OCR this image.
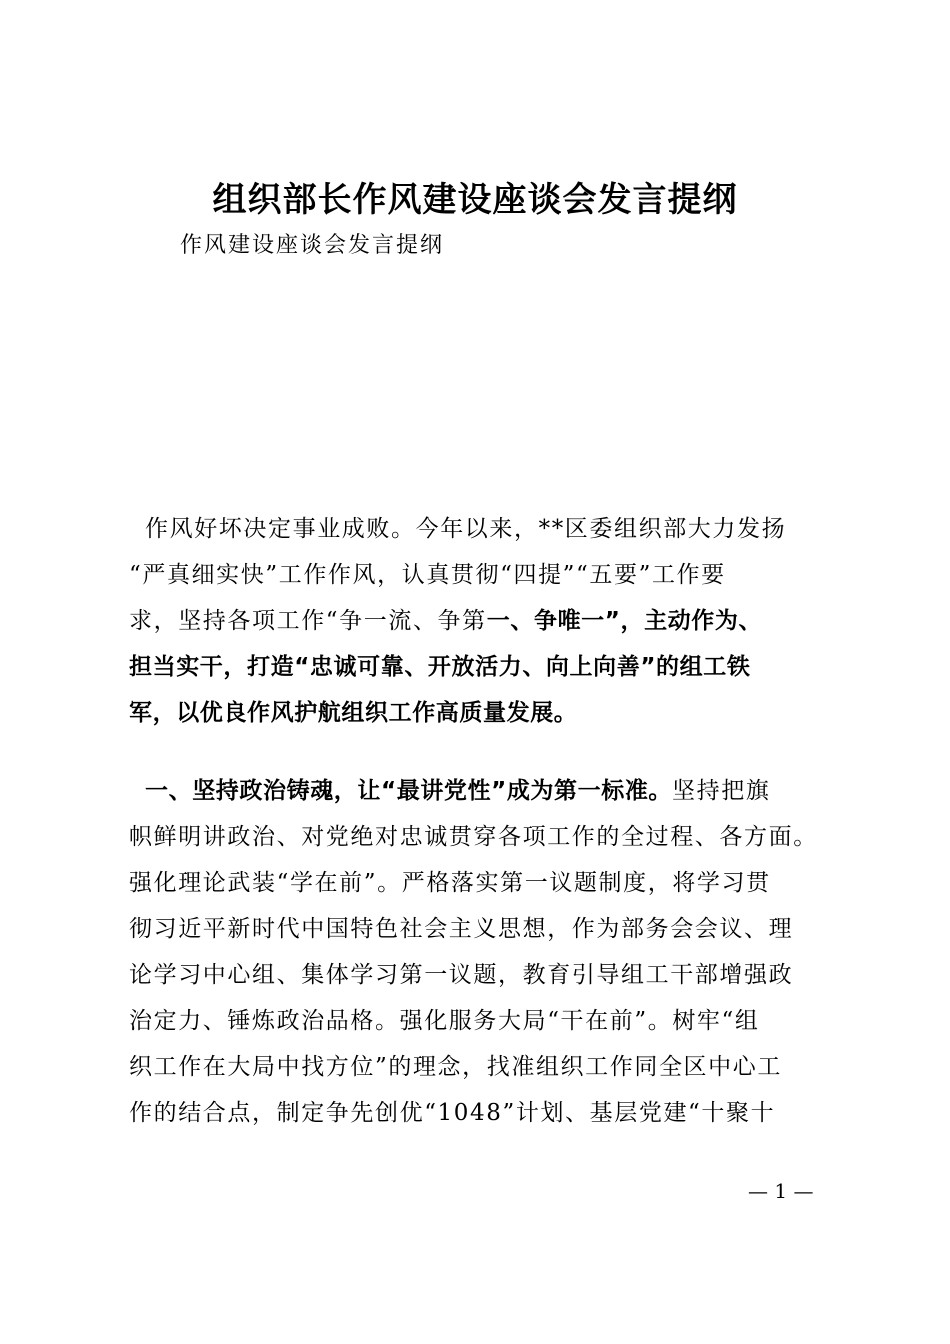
组织部长作风建设座谈会发言提纲

作风建设座谈会发言提纲

作风好坏决定事业成败。今年以来，**区委组织部大力发扬
“严真细实快”工作作风，认真贯彻“四提”“五要”工作要
求，坚持各项工作“争一流、争第一、争唯一”，主动作为、
担当实干，打造“忠诚可靠、开放活力、向上向善”的组工铁
军，以优良作风护航组织工作高质量发展。
一、坚持政治铸魂，让“最讲党性”成为第一标准。坚持把旗
帜鲜明讲政治、对党绝对忠诚贯穿各项工作的全过程、各方面。
强化理论武装“学在前”。严格落实第一议题制度，将学习贯
彻习近平新时代中国特色社会主义思想，作为部务会会议、理
论学习中心组、集体学习第一议题，教育引导组工干部增强政
治定力、锤炼政治品格。强化服务大局“干在前”。树牢“组
织工作在大局中找方位”的理念，找准组织工作同全区中心工
作的结合点，制定争先创优“1048”计划、基层党建“十聚十
— 1 —
